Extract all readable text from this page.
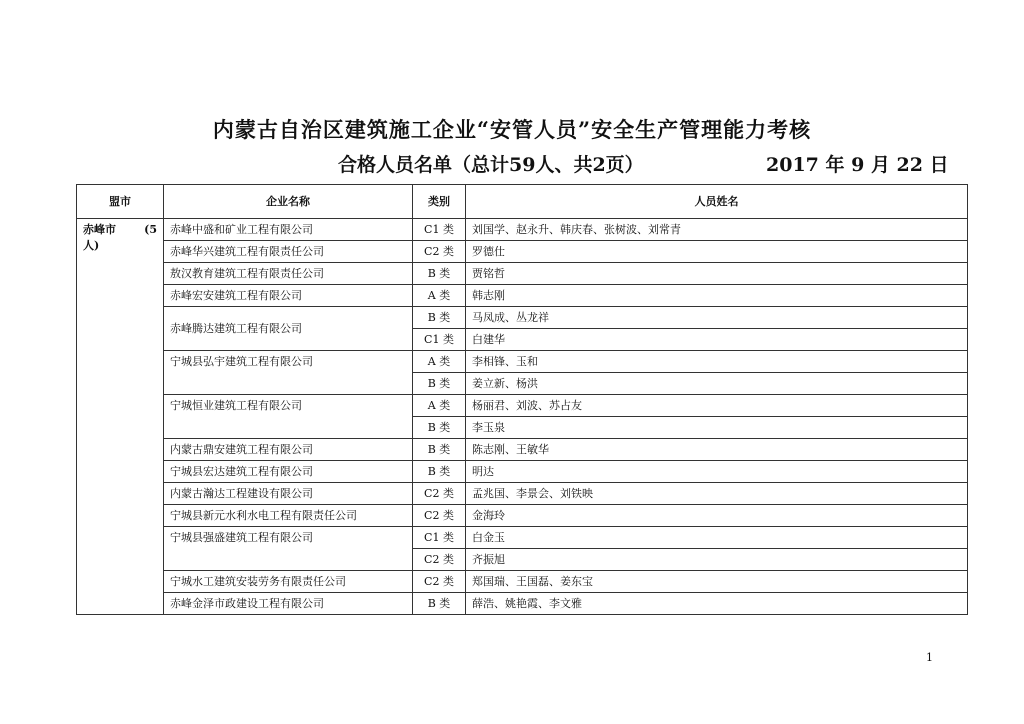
内蒙古自治区建筑施工企业“安管人员”安全生产管理能力考核
合格人员名单（总计59人、共2页）	2017 年 9 月 22 日
盟市	企业名称	类别	人员姓名

赤峰市 (5
人)	赤峰中盛和矿业工程有限公司	C1 类	刘国学、赵永升、韩庆春、张树波、刘常青
	赤峰华兴建筑工程有限责任公司	C2 类	罗德仕
	敖汉教育建筑工程有限责任公司	B 类	贾铭哲
	赤峰宏安建筑工程有限公司	A 类	韩志刚
	赤峰腾达建筑工程有限公司	B 类	马凤成、丛龙祥
		C1 类	白建华
	宁城县弘宇建筑工程有限公司	A 类	李相锋、玉和
		B 类	姜立新、杨洪
	宁城恒业建筑工程有限公司	A 类	杨丽君、刘波、苏占友
		B 类	李玉泉
	内蒙古鼎安建筑工程有限公司	B 类	陈志刚、王敏华
	宁城县宏达建筑工程有限公司	B 类	明达
	内蒙古瀚达工程建设有限公司	C2 类	孟兆国、李景会、刘铁映
	宁城县新元水利水电工程有限责任公司	C2 类	金海玲
	宁城县强盛建筑工程有限公司	C1 类	白金玉
		C2 类	齐振旭
	宁城水工建筑安装劳务有限责任公司	C2 类	郑国瑞、王国磊、姜东宝
	赤峰金泽市政建设工程有限公司	B 类	薛浩、姚艳霞、李文雅
1
